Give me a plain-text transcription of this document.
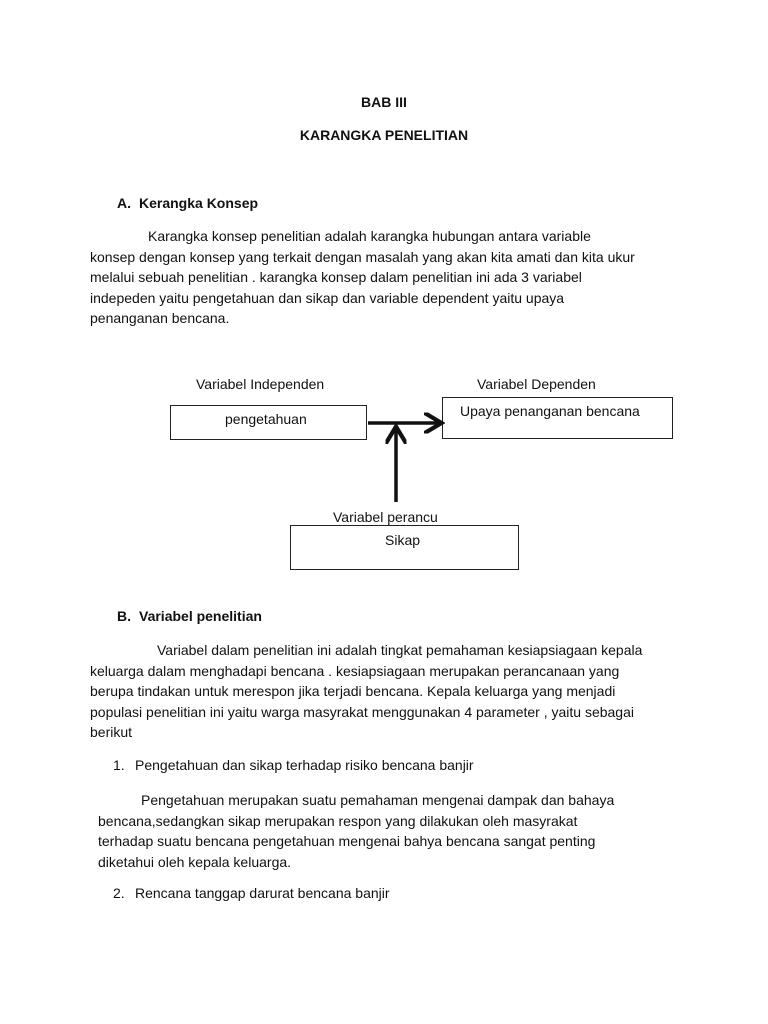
BAB III
KARANGKA PENELITIAN
A. Kerangka Konsep
Karangka konsep penelitian adalah karangka hubungan antara variable
konsep dengan konsep yang terkait dengan masalah yang akan kita amati dan kita ukur
melalui sebuah penelitian . karangka konsep dalam penelitian ini ada 3 variabel
indepeden yaitu pengetahuan dan sikap dan variable dependent yaitu upaya
penanganan bencana.
Variabel Independen	Variabel Dependen
pengetahuan	Upaya penanganan bencana
Variabel perancu
Sikap
B. Variabel penelitian
Variabel dalam penelitian ini adalah tingkat pemahaman kesiapsiagaan kepala
keluarga dalam menghadapi bencana . kesiapsiagaan merupakan perancanaan yang
berupa tindakan untuk merespon jika terjadi bencana. Kepala keluarga yang menjadi
populasi penelitian ini yaitu warga masyrakat menggunakan 4 parameter , yaitu sebagai
berikut
1. Pengetahuan dan sikap terhadap risiko bencana banjir
Pengetahuan merupakan suatu pemahaman mengenai dampak dan bahaya
bencana,sedangkan sikap merupakan respon yang dilakukan oleh masyrakat
terhadap suatu bencana pengetahuan mengenai bahya bencana sangat penting
diketahui oleh kepala keluarga.
2. Rencana tanggap darurat bencana banjir
